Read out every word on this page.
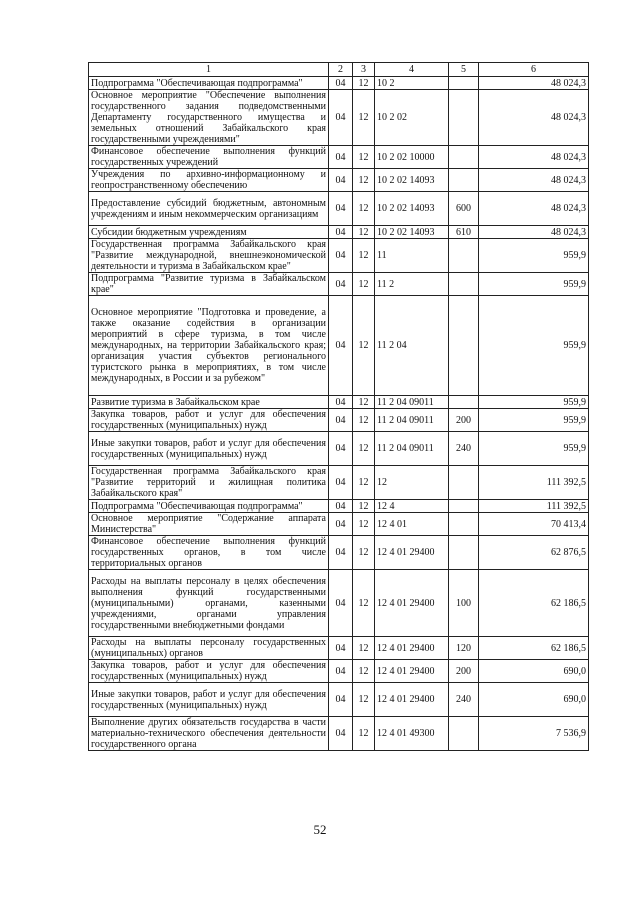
1	2	3	4	5	6
Подпрограмма "Обеспечивающая подпрограмма"	04	12	10 2		48 024,3
Основное мероприятие "Обеспечение выполнения государственного задания подведомственными Департаменту государственного имущества и земельных отношений Забайкальского края государственными учреждениями"	04	12	10 2 02		48 024,3
Финансовое обеспечение выполнения функций государственных учреждений	04	12	10 2 02 10000		48 024,3
Учреждения по архивно-информационному и геопространственному обеспечению	04	12	10 2 02 14093		48 024,3
Предоставление субсидий бюджетным, автономным учреждениям и иным некоммерческим организациям	04	12	10 2 02 14093	600	48 024,3
Субсидии бюджетным учреждениям	04	12	10 2 02 14093	610	48 024,3
Государственная программа Забайкальского края "Развитие международной, внешнеэкономической деятельности и туризма в Забайкальском крае"	04	12	11		959,9
Подпрограмма "Развитие туризма в Забайкальском крае"	04	12	11 2		959,9
Основное мероприятие "Подготовка и проведение, а также оказание содействия в организации мероприятий в сфере туризма, в том числе международных, на территории Забайкальского края; организация участия субъектов регионального туристского рынка в мероприятиях, в том числе международных, в России и за рубежом"	04	12	11 2 04		959,9
Развитие туризма в Забайкальском крае	04	12	11 2 04 09011		959,9
Закупка товаров, работ и услуг для обеспечения государственных (муниципальных) нужд	04	12	11 2 04 09011	200	959,9
Иные закупки товаров, работ и услуг для обеспечения государственных (муниципальных) нужд	04	12	11 2 04 09011	240	959,9
Государственная программа Забайкальского края "Развитие территорий и жилищная политика Забайкальского края"	04	12	12		111 392,5
Подпрограмма "Обеспечивающая подпрограмма"	04	12	12 4		111 392,5
Основное мероприятие "Содержание аппарата Министерства"	04	12	12 4 01		70 413,4
Финансовое обеспечение выполнения функций государственных органов, в том числе территориальных органов	04	12	12 4 01 29400		62 876,5
Расходы на выплаты персоналу в целях обеспечения выполнения функций государственными (муниципальными) органами, казенными учреждениями, органами управления государственными внебюджетными фондами	04	12	12 4 01 29400	100	62 186,5
Расходы на выплаты персоналу государственных (муниципальных) органов	04	12	12 4 01 29400	120	62 186,5
Закупка товаров, работ и услуг для обеспечения государственных (муниципальных) нужд	04	12	12 4 01 29400	200	690,0
Иные закупки товаров, работ и услуг для обеспечения государственных (муниципальных) нужд	04	12	12 4 01 29400	240	690,0
Выполнение других обязательств государства в части материально-технического обеспечения деятельности государственного органа	04	12	12 4 01 49300		7 536,9
52
